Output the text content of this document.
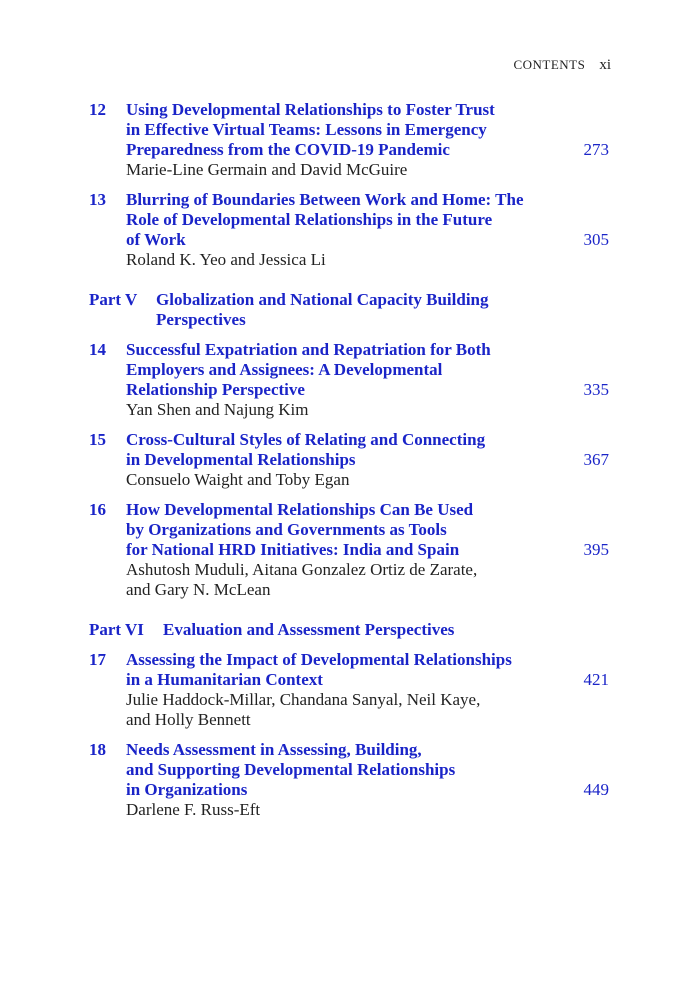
CONTENTS xi
12 Using Developmental Relationships to Foster Trust
in Effective Virtual Teams: Lessons in Emergency
Preparedness from the COVID-19 Pandemic
Marie-Line Germain and David McGuire
273
13 Blurring of Boundaries Between Work and Home: The
Role of Developmental Relationships in the Future
of Work
Roland K. Yeo and Jessica Li
305
Part V Globalization and National Capacity Building
Perspectives
14 Successful Expatriation and Repatriation for Both
Employers and Assignees: A Developmental
Relationship Perspective
Yan Shen and Najung Kim
335
15 Cross-Cultural Styles of Relating and Connecting
in Developmental Relationships
Consuelo Waight and Toby Egan
367
16 How Developmental Relationships Can Be Used
by Organizations and Governments as Tools
for National HRD Initiatives: India and Spain
Ashutosh Muduli, Aitana Gonzalez Ortiz de Zarate,
and Gary N. McLean
395
Part VI Evaluation and Assessment Perspectives
17 Assessing the Impact of Developmental Relationships
in a Humanitarian Context
Julie Haddock-Millar, Chandana Sanyal, Neil Kaye,
and Holly Bennett
421
18 Needs Assessment in Assessing, Building,
and Supporting Developmental Relationships
in Organizations
Darlene F. Russ-Eft
449
